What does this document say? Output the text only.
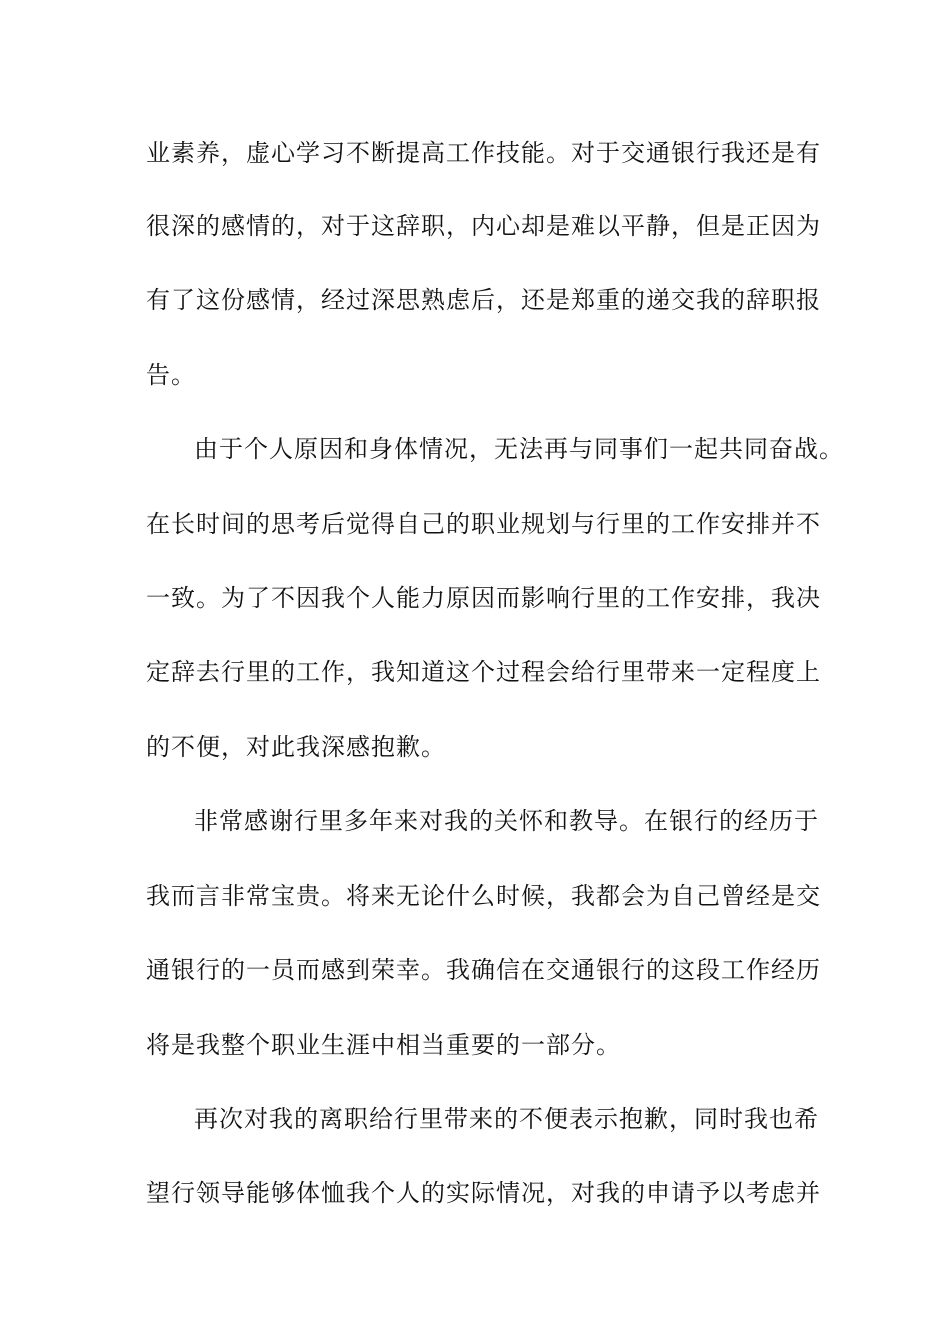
业素养，虚心学习不断提高工作技能。对于交通银行我还是有
很深的感情的，对于这辞职，内心却是难以平静，但是正因为
有了这份感情，经过深思熟虑后，还是郑重的递交我的辞职报
告。
由于个人原因和身体情况，无法再与同事们一起共同奋战。
在长时间的思考后觉得自己的职业规划与行里的工作安排并不
一致。为了不因我个人能力原因而影响行里的工作安排，我决
定辞去行里的工作，我知道这个过程会给行里带来一定程度上
的不便，对此我深感抱歉。
非常感谢行里多年来对我的关怀和教导。在银行的经历于
我而言非常宝贵。将来无论什么时候，我都会为自己曾经是交
通银行的一员而感到荣幸。我确信在交通银行的这段工作经历
将是我整个职业生涯中相当重要的一部分。
再次对我的离职给行里带来的不便表示抱歉，同时我也希
望行领导能够体恤我个人的实际情况，对我的申请予以考虑并
